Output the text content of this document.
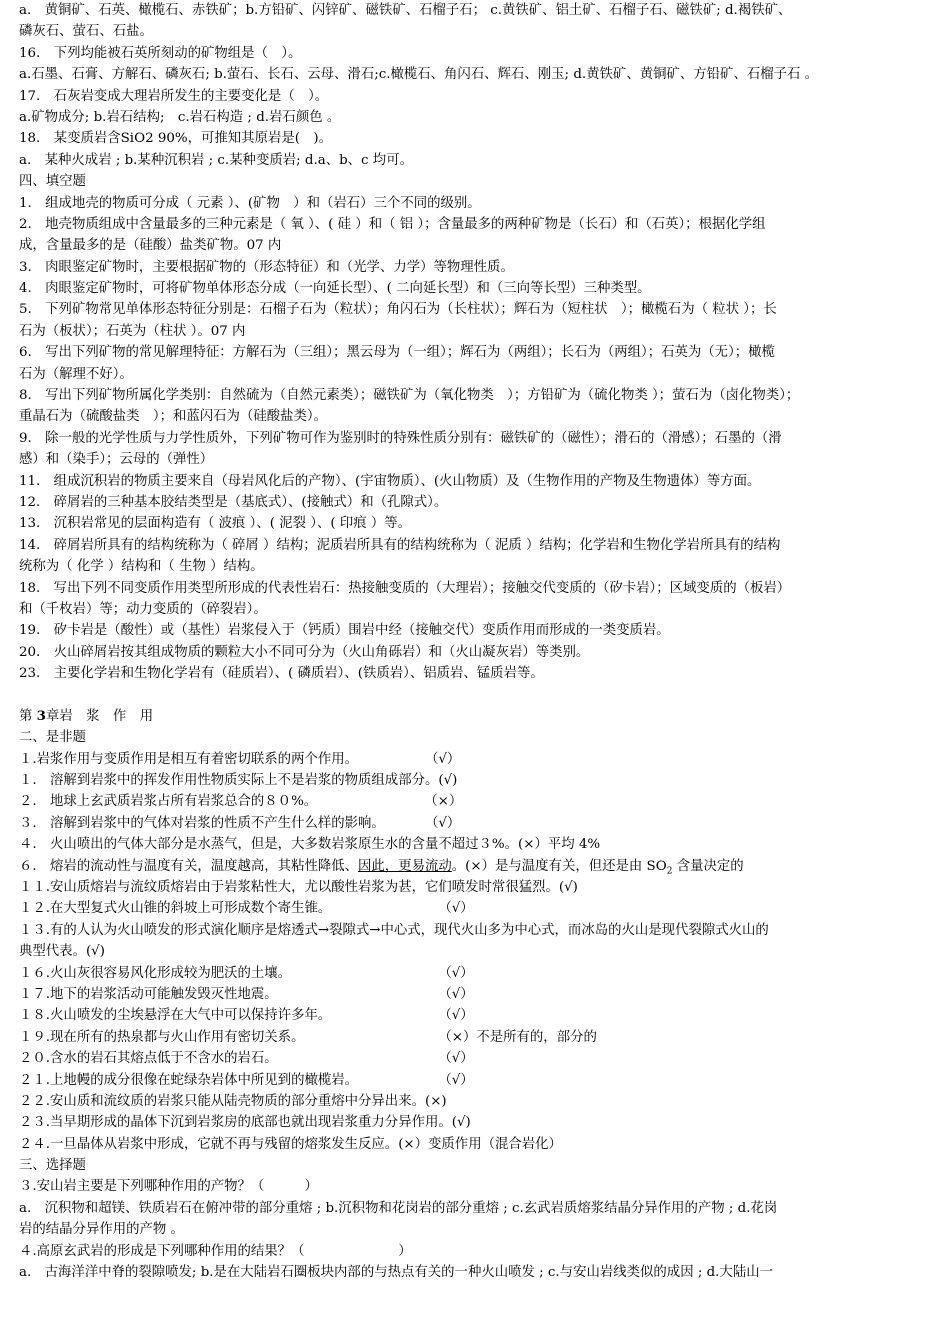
a.　黄铜矿、石英、橄榄石、赤铁矿；b.方铅矿、闪锌矿、磁铁矿、石榴子石； c.黄铁矿、铝土矿、石榴子石、磁铁矿; d.褐铁矿、
磷灰石、萤石、石盐。
16.　下列均能被石英所刻动的矿物组是（　）。
a.石墨、石膏、方解石、磷灰石; b.萤石、长石、云母、滑石;c.橄榄石、角闪石、辉石、刚玉; d.黄铁矿、黄铜矿、方铅矿、石榴子石 。
17.　石灰岩变成大理岩所发生的主要变化是（　）。
a.矿物成分; b.岩石结构;　c.岩石构造 ; d.岩石颜色 。
18.　某变质岩含SiO2 90%，可推知其原岩是(　)。
a.　某种火成岩 ; b.某种沉积岩 ; c.某种变质岩; d.a、b、c 均可。
四、填空题
1.　组成地壳的物质可分成（ 元素 ）、(矿物　）和（岩石）三个不同的级别。
2.　地壳物质组成中含量最多的三种元素是（ 氧 ）、( 硅 ）和（ 铝 ）；含量最多的两种矿物是（长石）和（石英）；根据化学组
成，含量最多的是（硅酸）盐类矿物。07 内
3.　肉眼鉴定矿物时，主要根据矿物的（形态特征）和（光学、力学）等物理性质。
4.　肉眼鉴定矿物时，可将矿物单体形态分成（一向延长型）、( 二向延长型）和（三向等长型）三种类型。
5.　下列矿物常见单体形态特征分别是：石榴子石为（粒状）；角闪石为（长柱状）；辉石为（短柱状　）；橄榄石为（ 粒状 ）；长
石为（板状）；石英为（柱状 ）。07 内
6.　写出下列矿物的常见解理特征：方解石为（三组）；黑云母为（一组）；辉石为（两组）；长石为（两组）；石英为（无）；橄榄
石为（解理不好）。
8.　写出下列矿物所属化学类别：自然硫为（自然元素类）；磁铁矿为（氧化物类　）；方铅矿为（硫化物类 ）；萤石为（卤化物类）；
重晶石为（硫酸盐类　）；和蓝闪石为（硅酸盐类）。
9.　除一般的光学性质与力学性质外，下列矿物可作为鉴别时的特殊性质分别有：磁铁矿的（磁性）；滑石的（滑感）；石墨的（滑
感）和（染手）；云母的（弹性）
11.　组成沉积岩的物质主要来自（母岩风化后的产物）、(宇宙物质）、(火山物质）及（生物作用的产物及生物遗体）等方面。
12.　碎屑岩的三种基本胶结类型是（基底式）、(接触式）和（孔隙式）。
13.　沉积岩常见的层面构造有（ 波痕 ）、( 泥裂 ）、( 印痕 ）等。
14.　碎屑岩所具有的结构统称为（ 碎屑 ）结构；泥质岩所具有的结构统称为（ 泥质 ）结构；化学岩和生物化学岩所具有的结构
统称为（ 化学 ）结构和（ 生物 ）结构。
18.　写出下列不同变质作用类型所形成的代表性岩石：热接触变质的（大理岩）；接触交代变质的（矽卡岩）；区域变质的（板岩）
和（千枚岩）等；动力变质的（碎裂岩）。
19.　矽卡岩是（酸性）或（基性）岩浆侵入于（钙质）围岩中经（接触交代）变质作用而形成的一类变质岩。
20.　火山碎屑岩按其组成物质的颗粒大小不同可分为（火山角砾岩）和（火山凝灰岩）等类别。
23.　主要化学岩和生物化学岩有（硅质岩）、( 磷质岩）、(铁质岩）、铝质岩、锰质岩等。
第 3章岩　浆　作　用
二、是非题
１.岩浆作用与变质作用是相互有着密切联系的两个作用。　　　　　　（√）
１.　溶解到岩浆中的挥发作用性物质实际上不是岩浆的物质组成部分。(√)
２.　地球上玄武质岩浆占所有岩浆总合的８０%。　　　　　　　　　（×）
３.　溶解到岩浆中的气体对岩浆的性质不产生什么样的影响。　　　　（√）
４.　火山喷出的气体大部分是水蒸气，但是，大多数岩浆原生水的含量不超过３%。(×）平均 4%
６.　熔岩的流动性与温度有关，温度越高，其粘性降低、因此，更易流动。(×）是与温度有关，但还是由 $SO_2$ 含量决定的
１１.安山质熔岩与流纹质熔岩由于岩浆粘性大，尤以酸性岩浆为甚，它们喷发时常很猛烈。(√)
１２.在大型复式火山锥的斜坡上可形成数个寄生锥。　　　　　　　　　（√）
１３.有的人认为火山喷发的形式演化顺序是熔透式→裂隙式→中心式，现代火山多为中心式，而冰岛的火山是现代裂隙式火山的
典型代表。(√)
１６.火山灰很容易风化形成较为肥沃的土壤。　　　　　　　　　　　　（√）
１７.地下的岩浆活动可能触发毁灭性地震。　　　　　　　　　　　　　（√）
１８.火山喷发的尘埃悬浮在大气中可以保持许多年。　　　　　　　　　（√）
１９.现在所有的热泉都与火山作用有密切关系。　　　　　　　　　　　（×）不是所有的，部分的
２０.含水的岩石其熔点低于不含水的岩石。　　　　　　　　　　　　　（√）
２１.上地幔的成分很像在蛇绿杂岩体中所见到的橄榄岩。　　　　　　　（√）
２２.安山质和流纹质的岩浆只能从陆壳物质的部分重熔中分异出来。(×)
２３.当早期形成的晶体下沉到岩浆房的底部也就出现岩浆重力分异作用。(√)
２４.一旦晶体从岩浆中形成，它就不再与残留的熔浆发生反应。(×）变质作用（混合岩化）
三、选择题
３.安山岩主要是下列哪种作用的产物？（　　　）
a.　沉积物和超镁、铁质岩石在俯冲带的部分重熔 ; b.沉积物和花岗岩的部分重熔 ; c.玄武岩质熔浆结晶分异作用的产物 ; d.花岗
岩的结晶分异作用的产物 。
４.高原玄武岩的形成是下列哪种作用的结果？（　　　　　　　）
a.　古海洋洋中脊的裂隙喷发; b.是在大陆岩石圈板块内部的与热点有关的一种火山喷发 ; c.与安山岩线类似的成因 ; d.大陆山一
